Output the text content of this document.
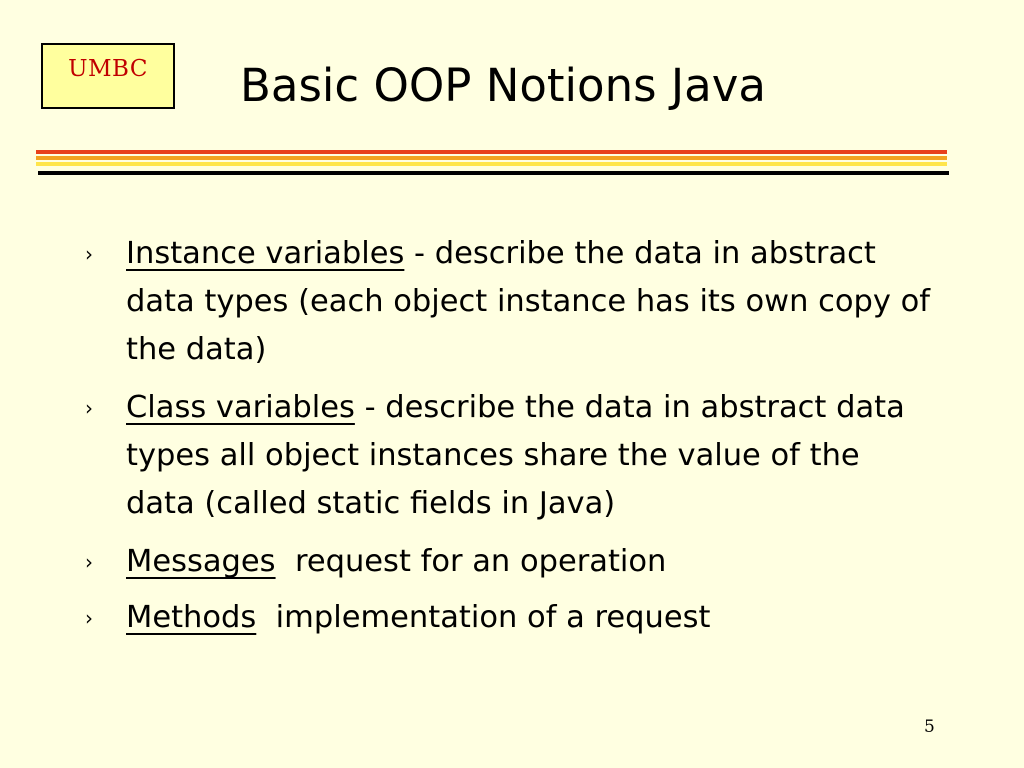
UMBC Basic OOP Notions Java
› Instance variables - describe the data in abstract data types (each object instance has its own copy of the data)
› Class variables - describe the data in abstract data types all object instances share the value of the data (called static fields in Java)
› Messages  request for an operation
› Methods  implementation of a request
5
